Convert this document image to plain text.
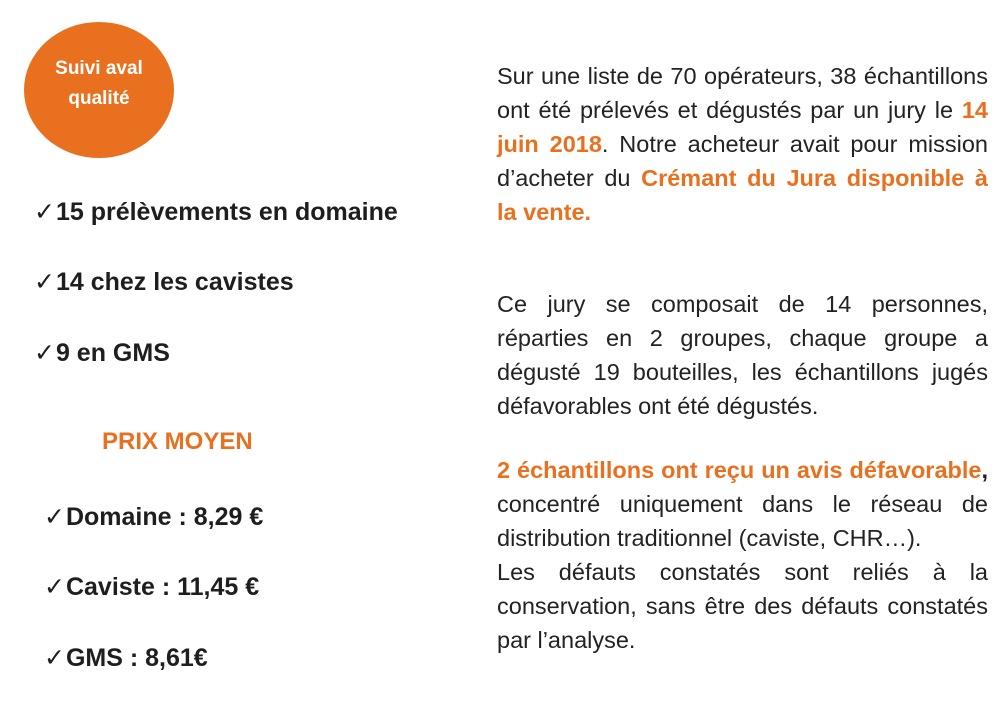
Suivi aval
qualité
✓15 prélèvements en domaine
✓14 chez les cavistes
✓9 en GMS
PRIX MOYEN
✓Domaine : 8,29 €
✓Caviste : 11,45 €
✓GMS : 8,61€
Sur une liste de 70 opérateurs, 38 échantillons ont été prélevés et dégustés par un jury le 14 juin 2018. Notre acheteur avait pour mission d’acheter du Crémant du Jura disponible à la vente.
Ce jury se composait de 14 personnes, réparties en 2 groupes, chaque groupe a dégusté 19 bouteilles, les échantillons jugés défavorables ont été dégustés.
2 échantillons ont reçu un avis défavorable, concentré uniquement dans le réseau de distribution traditionnel (caviste, CHR…).
Les défauts constatés sont reliés à la conservation, sans être des défauts constatés par l’analyse.
